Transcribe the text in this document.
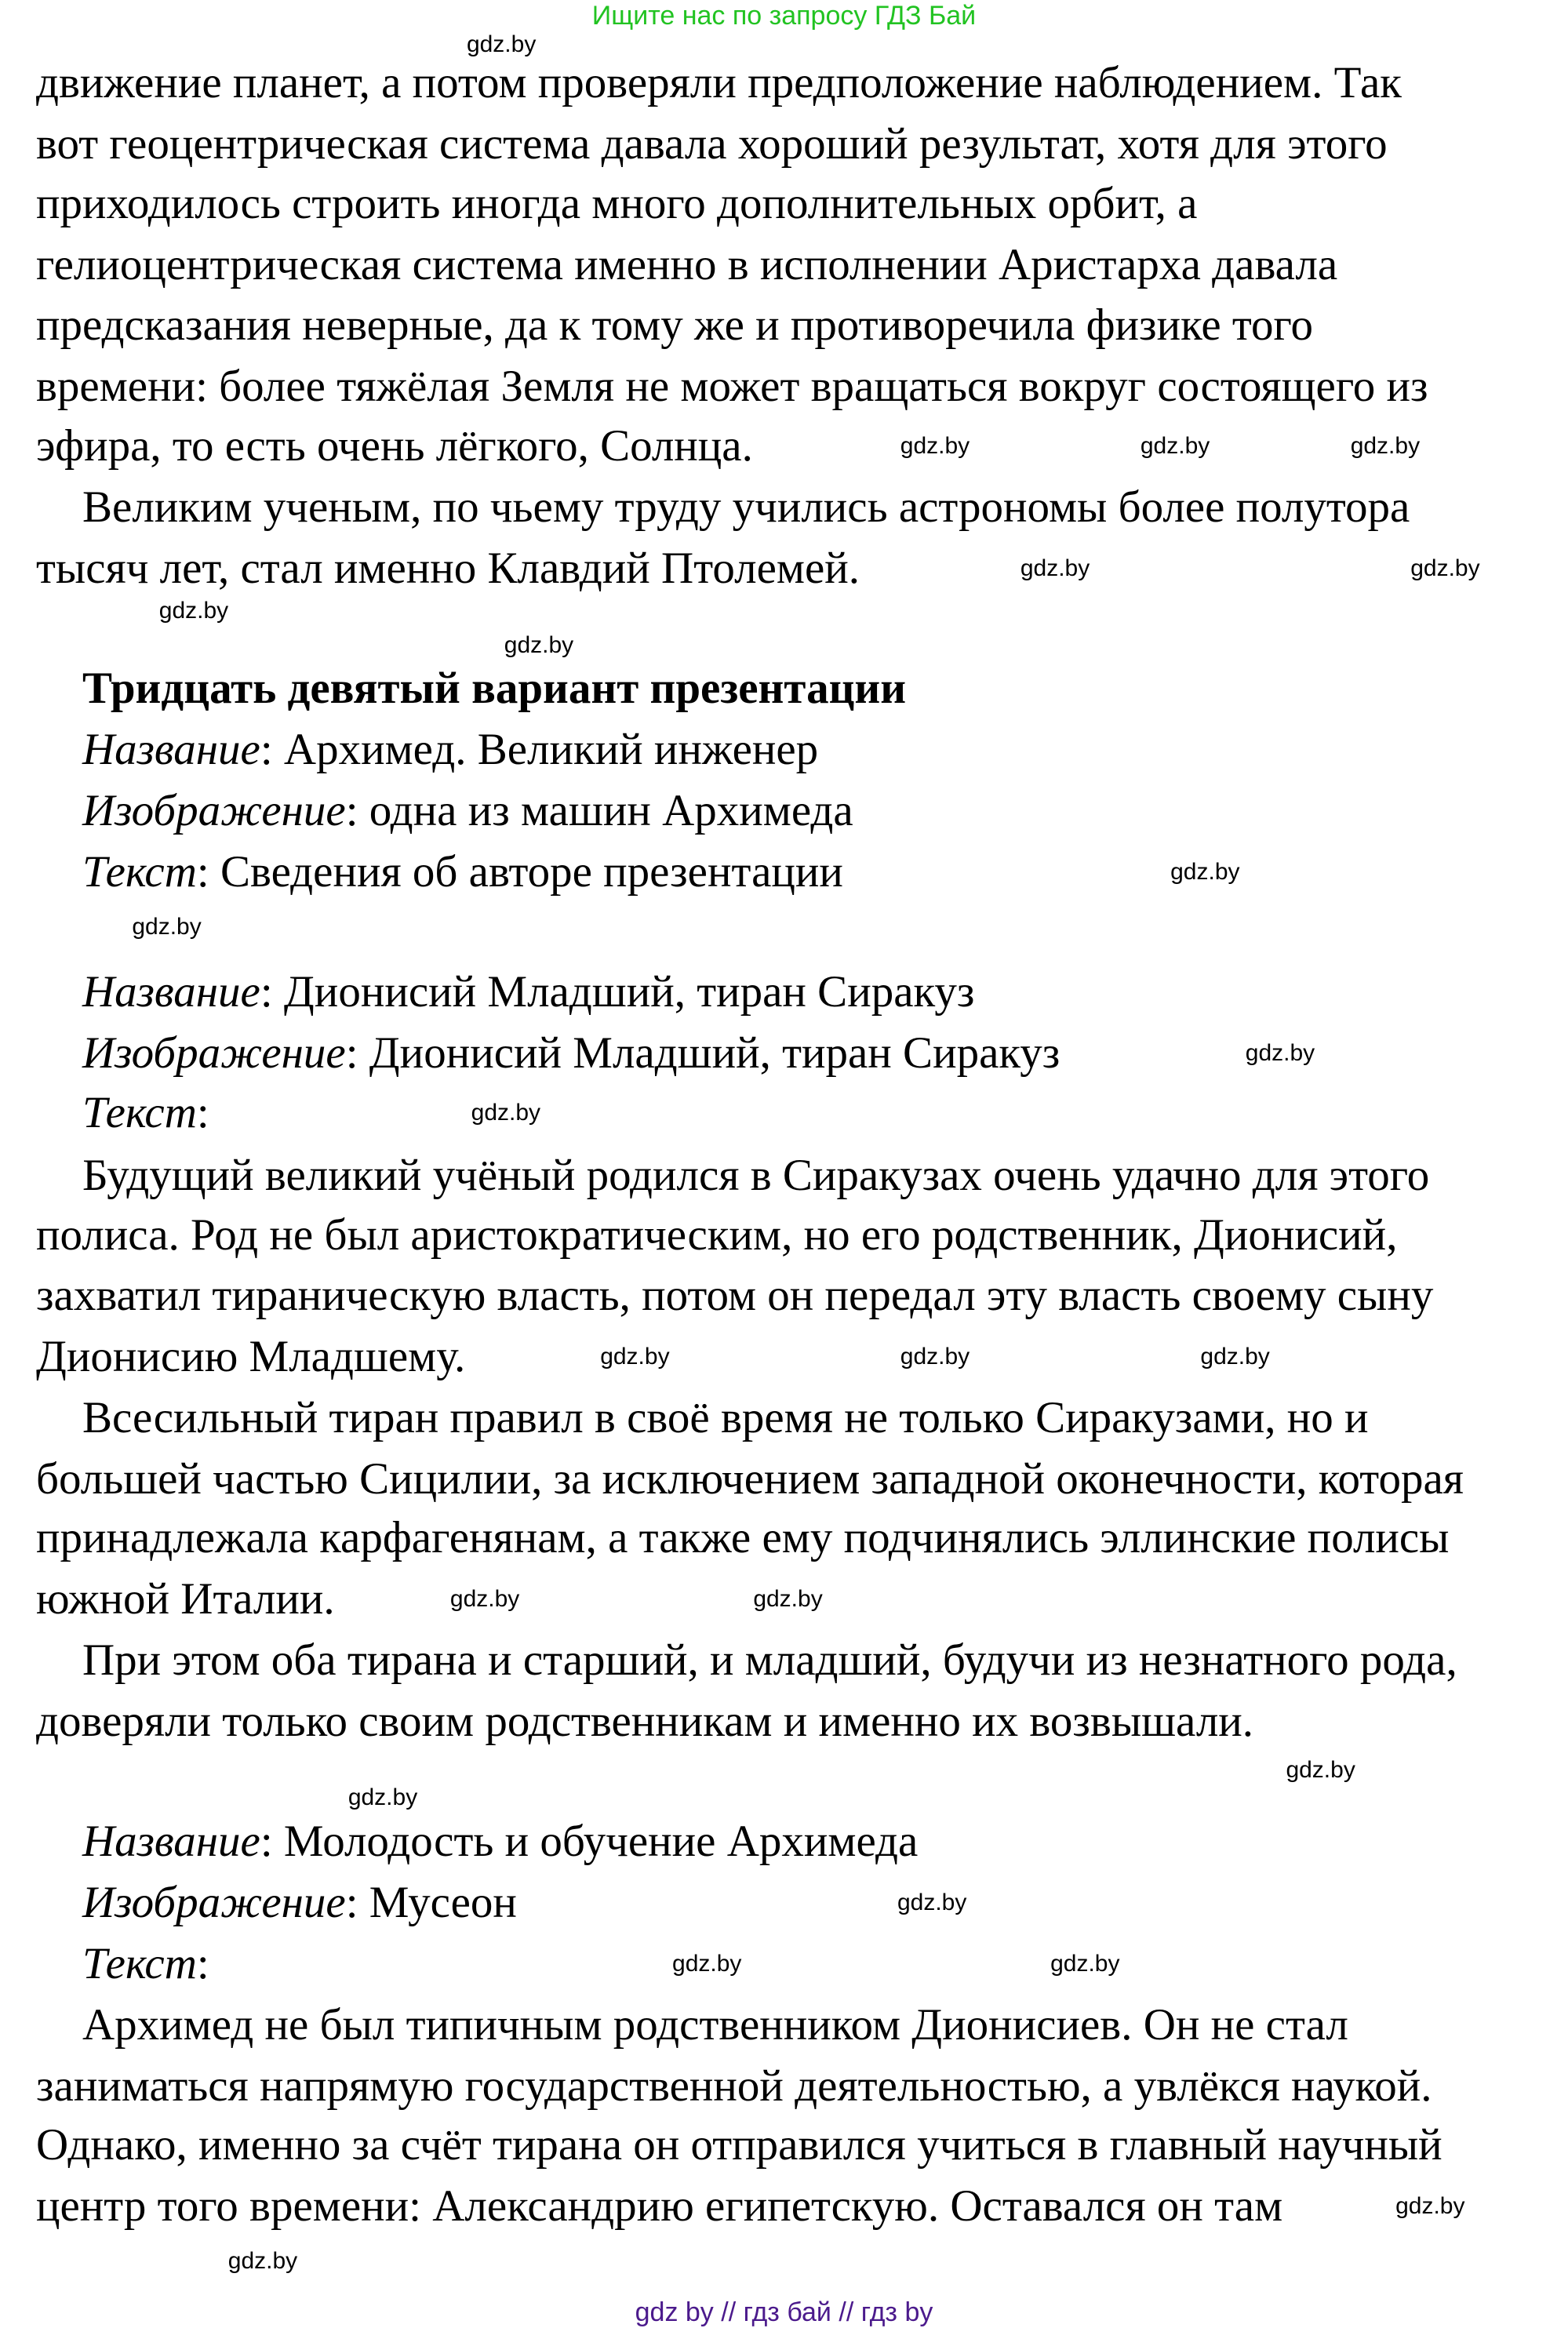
Ищите нас по запросу ГДЗ Бай
движение планет, а потом проверяли предположение наблюдением. Так
вот геоцентрическая система давала хороший результат, хотя для этого
приходилось строить иногда много дополнительных орбит, а
гелиоцентрическая система именно в исполнении Аристарха давала
предсказания неверные, да к тому же и противоречила физике того
времени: более тяжёлая Земля не может вращаться вокруг состоящего из
эфира, то есть очень лёгкого, Солнца.
Великим ученым, по чьему труду учились астрономы более полутора
тысяч лет, стал именно Клавдий Птолемей.
Тридцать девятый вариант презентации
Название: Архимед. Великий инженер
Изображение: одна из машин Архимеда
Текст: Сведения об авторе презентации
Название: Дионисий Младший, тиран Сиракуз
Изображение: Дионисий Младший, тиран Сиракуз
Текст:
Будущий великий учёный родился в Сиракузах очень удачно для этого
полиса. Род не был аристократическим, но его родственник, Дионисий,
захватил тираническую власть, потом он передал эту власть своему сыну
Дионисию Младшему.
Всесильный тиран правил в своё время не только Сиракузами, но и
большей частью Сицилии, за исключением западной оконечности, которая
принадлежала карфагенянам, а также ему подчинялись эллинские полисы
южной Италии.
При этом оба тирана и старший, и младший, будучи из незнатного рода,
доверяли только своим родственникам и именно их возвышали.
Название: Молодость и обучение Архимеда
Изображение: Мусеон
Текст:
Архимед не был типичным родственником Дионисиев. Он не стал
заниматься напрямую государственной деятельностью, а увлёкся наукой.
Однако, именно за счёт тирана он отправился учиться в главный научный
центр того времени: Александрию египетскую. Оставался он там
gdz.by
gdz.by	gdz.by	gdz.by
gdz.by	gdz.by
gdz.by
gdz.by
gdz.by
gdz.by
gdz.by
gdz.by
gdz.by	gdz.by	gdz.by
gdz.by	gdz.by
gdz.by
gdz.by
gdz.by
gdz.by	gdz.by
gdz.by
gdz.by
gdz by // гдз бай // гдз by
